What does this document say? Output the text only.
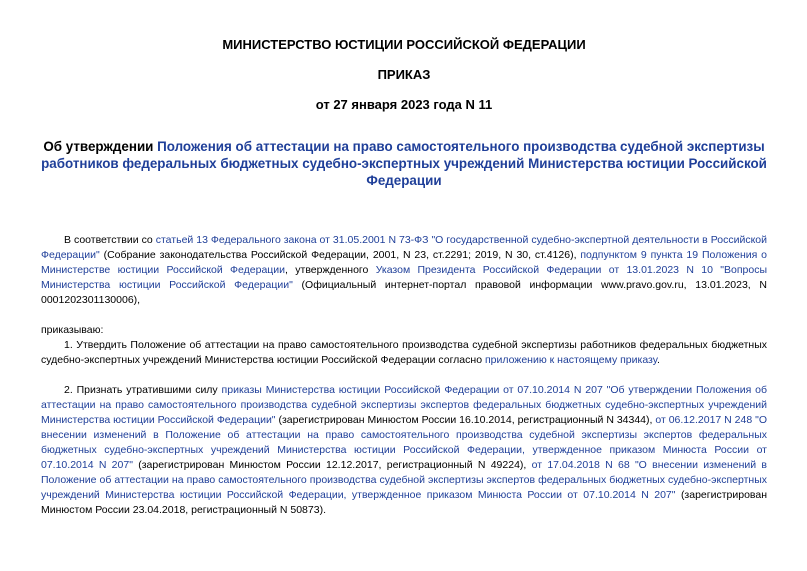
МИНИСТЕРСТВО ЮСТИЦИИ РОССИЙСКОЙ ФЕДЕРАЦИИ

ПРИКАЗ

от 27 января 2023 года N 11

Об утверждении Положения об аттестации на право самостоятельного производства судебной экспертизы работников федеральных бюджетных судебно-экспертных учреждений Министерства юстиции Российской Федерации

В соответствии со статьей 13 Федерального закона от 31.05.2001 N 73-ФЗ "О государственной судебно-экспертной деятельности в Российской Федерации" (Собрание законодательства Российской Федерации, 2001, N 23, ст.2291; 2019, N 30, ст.4126), подпунктом 9 пункта 19 Положения о Министерстве юстиции Российской Федерации, утвержденного Указом Президента Российской Федерации от 13.01.2023 N 10 "Вопросы Министерства юстиции Российской Федерации" (Официальный интернет-портал правовой информации www.pravo.gov.ru, 13.01.2023, N 0001202301130006),

приказываю:

1. Утвердить Положение об аттестации на право самостоятельного производства судебной экспертизы работников федеральных бюджетных судебно-экспертных учреждений Министерства юстиции Российской Федерации согласно приложению к настоящему приказу.

2. Признать утратившими силу приказы Министерства юстиции Российской Федерации от 07.10.2014 N 207 "Об утверждении Положения об аттестации на право самостоятельного производства судебной экспертизы экспертов федеральных бюджетных судебно-экспертных учреждений Министерства юстиции Российской Федерации" (зарегистрирован Минюстом России 16.10.2014, регистрационный N 34344), от 06.12.2017 N 248 "О внесении изменений в Положение об аттестации на право самостоятельного производства судебной экспертизы экспертов федеральных бюджетных судебно-экспертных учреждений Министерства юстиции Российской Федерации, утвержденное приказом Минюста России от 07.10.2014 N 207" (зарегистрирован Минюстом России 12.12.2017, регистрационный N 49224), от 17.04.2018 N 68 "О внесении изменений в Положение об аттестации на право самостоятельного производства судебной экспертизы экспертов федеральных бюджетных судебно-экспертных учреждений Министерства юстиции Российской Федерации, утвержденное приказом Минюста России от 07.10.2014 N 207" (зарегистрирован Минюстом России 23.04.2018, регистрационный N 50873).
